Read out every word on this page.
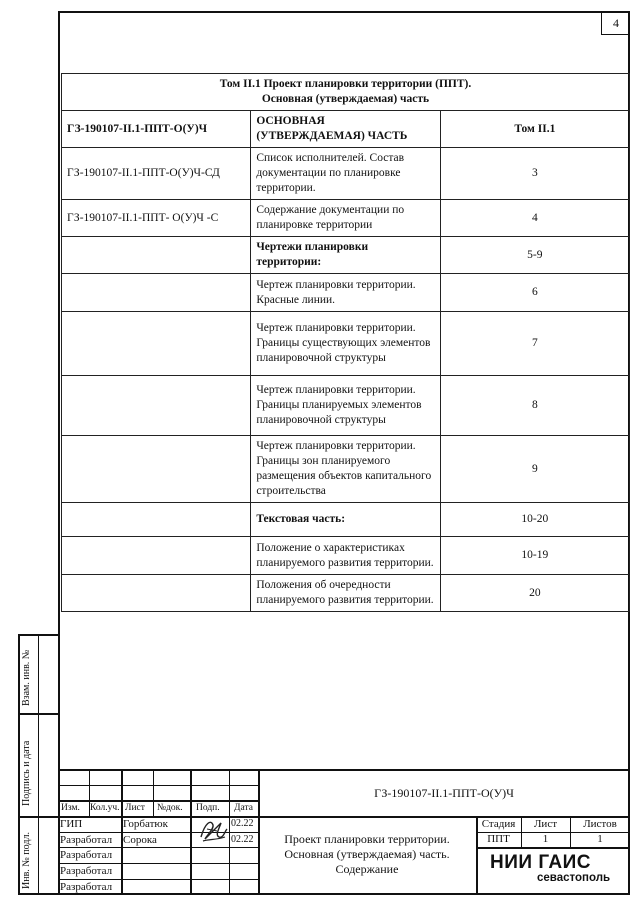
4
Том II.1 Проект планировки территории (ППТ).
Основная (утверждаемая) часть		

ГЗ-190107-II.1-ППТ-О(У)Ч	ОСНОВНАЯ (УТВЕРЖДАЕМАЯ) ЧАСТЬ	Том II.1
ГЗ-190107-II.1-ППТ-О(У)Ч-СД	Список исполнителей. Состав документации по планировке территории.	3
ГЗ-190107-II.1-ППТ- О(У)Ч -С	Содержание документации по планировке территории	4
	Чертежи планировки территории:	5-9
	Чертеж планировки территории. Красные линии.	6
	Чертеж планировки территории. Границы существующих элементов планировочной структуры	7
	Чертеж планировки территории. Границы планируемых элементов планировочной структуры	8
	Чертеж планировки территории. Границы зон планируемого размещения объектов капитального строительства	9
	Текстовая часть:	10-20
	Положение о характеристиках планируемого развития территории.	10-19
	Положения об очередности планируемого развития территории.	20
Взам. инв. №
Подпись и дата
Инв. № подл.
ГЗ-190107-II.1-ППТ-О(У)Ч
Изм. Кол.уч. Лист №док. Подп. Дата
ГИП	Горбатюк	02.22
Разработал Сорока	02.22
Разработал
Разработал
Разработал
Проект планировки территории.
Основная (утверждаемая) часть.
Содержание
Стадия	Лист	Листов
ППТ	1	1
НИИ ГАИС
севастополь
